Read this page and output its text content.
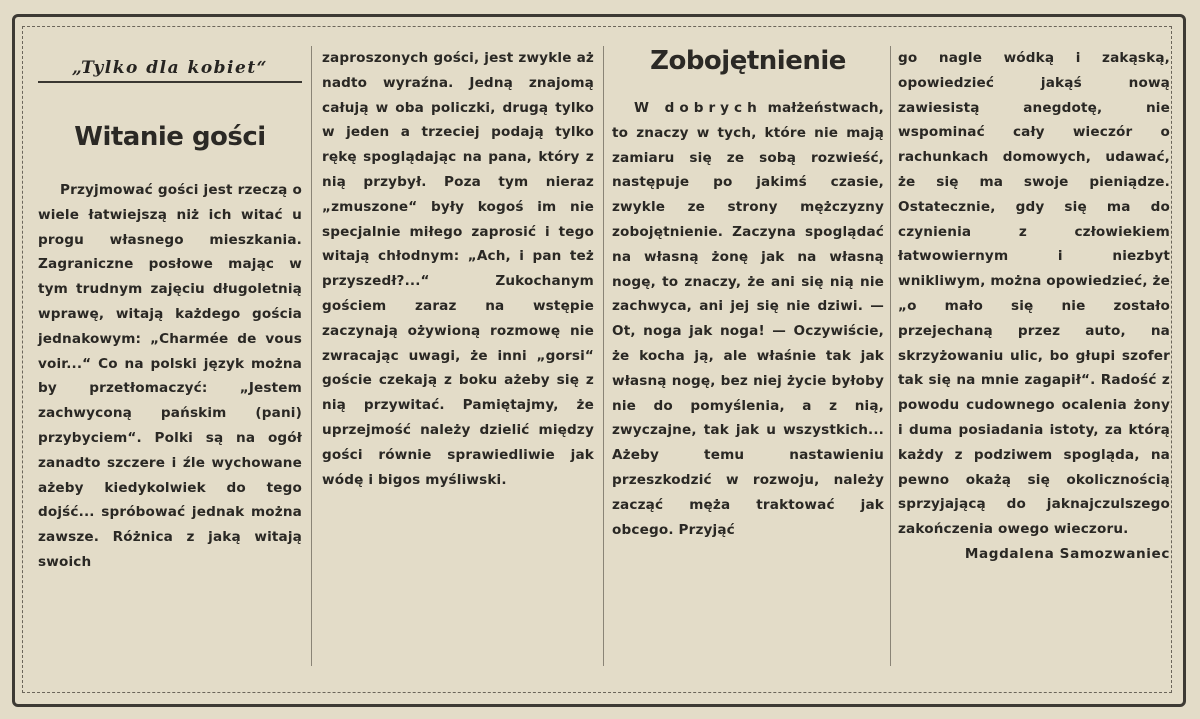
„Tylko dla kobiet“
Witanie gości

Przyjmować gości jest rzeczą o wiele łatwiejszą niż ich witać u progu własnego mieszkania. Zagraniczne posłowe mając w tym trudnym zajęciu długoletnią wprawę, witają każdego gościa jednakowym: „Charmée de vous voir...“ Co na polski język można by przetłomaczyć: „Jestem zachwyconą pańskim (pani) przybyciem“. Polki są na ogół zanadto szczere i źle wychowane ażeby kiedykolwiek do tego dojść... spróbować jednak można zawsze. Różnica z jaką witają swoich

zaproszonych gości, jest zwykle aż nadto wyraźna. Jedną znajomą całują w oba policzki, drugą tylko w jeden a trzeciej podają tylko rękę spoglądając na pana, który z nią przybył. Poza tym nieraz „zmuszone“ były kogoś im nie specjalnie miłego zaprosić i tego witają chłodnym: „Ach, i pan też przyszedł?...“ Zukochanym gościem zaraz na wstępie zaczynają ożywioną rozmowę nie zwracając uwagi, że inni „gorsi“ goście czekają z boku ażeby się z nią przywitać. Pamiętajmy, że uprzejmość należy dzielić między gości równie sprawiedliwie jak wódę i bigos myśliwski.

Zobojętnienie

W dobrych małżeństwach, to znaczy w tych, które nie mają zamiaru się ze sobą rozwieść, następuje po jakimś czasie, zwykle ze strony mężczyzny zobojętnienie. Zaczyna spoglądać na własną żonę jak na własną nogę, to znaczy, że ani się nią nie zachwyca, ani jej się nie dziwi. — Ot, noga jak noga! — Oczywiście, że kocha ją, ale właśnie tak jak własną nogę, bez niej życie byłoby nie do pomyślenia, a z nią, zwyczajne, tak jak u wszystkich... Ażeby temu nastawieniu przeszkodzić w rozwoju, należy zacząć męża traktować jak obcego. Przyjąć

go nagle wódką i zakąską, opowiedzieć jakąś nową zawiesistą anegdotę, nie wspominać cały wieczór o rachunkach domowych, udawać, że się ma swoje pieniądze. Ostatecznie, gdy się ma do czynienia z człowiekiem łatwowiernym i niezbyt wnikliwym, można opowiedzieć, że „o mało się nie zostało przejechaną przez auto, na skrzyżowaniu ulic, bo głupi szofer tak się na mnie zagapił“. Radość z powodu cudownego ocalenia żony i duma posiadania istoty, za którą każdy z podziwem spogląda, na pewno okażą się okolicznością sprzyjającą do jaknajczulszego zakończenia owego wieczoru.

Magdalena Samozwaniec
